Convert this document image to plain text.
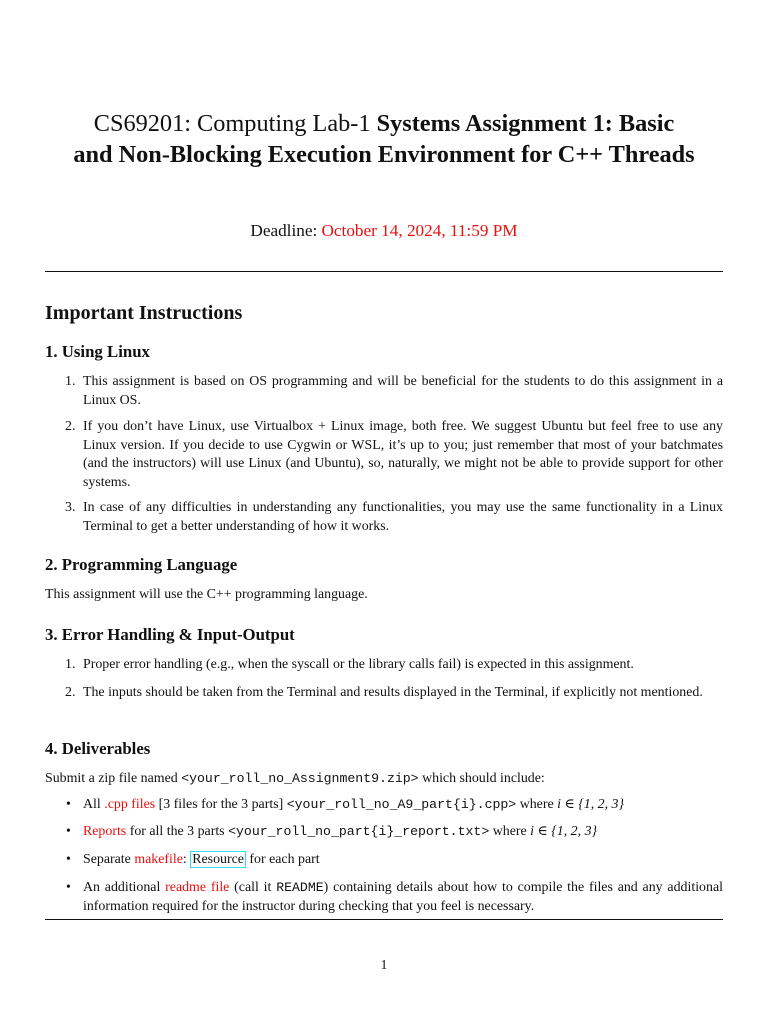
CS69201: Computing Lab-1 Systems Assignment 1: Basic
and Non-Blocking Execution Environment for C++ Threads
Deadline: October 14, 2024, 11:59 PM
Important Instructions
1. Using Linux
1. This assignment is based on OS programming and will be beneficial for the students to do this assignment in a Linux OS.
2. If you don’t have Linux, use Virtualbox + Linux image, both free. We suggest Ubuntu but feel free to use any Linux version. If you decide to use Cygwin or WSL, it’s up to you; just remember that most of your batchmates (and the instructors) will use Linux (and Ubuntu), so, naturally, we might not be able to provide support for other systems.
3. In case of any difficulties in understanding any functionalities, you may use the same functionality in a Linux Terminal to get a better understanding of how it works.
2. Programming Language
This assignment will use the C++ programming language.
3. Error Handling & Input-Output
1. Proper error handling (e.g., when the syscall or the library calls fail) is expected in this assignment.
2. The inputs should be taken from the Terminal and results displayed in the Terminal, if explicitly not mentioned.
4. Deliverables
Submit a zip file named <your_roll_no_Assignment9.zip> which should include:
• All .cpp files [3 files for the 3 parts] <your_roll_no_A9_part{i}.cpp> where i ∈ {1, 2, 3}
• Reports for all the 3 parts <your_roll_no_part{i}_report.txt> where i ∈ {1, 2, 3}
• Separate makefile: Resource for each part
• An additional readme file (call it README) containing details about how to compile the files and any additional information required for the instructor during checking that you feel is necessary.
1
